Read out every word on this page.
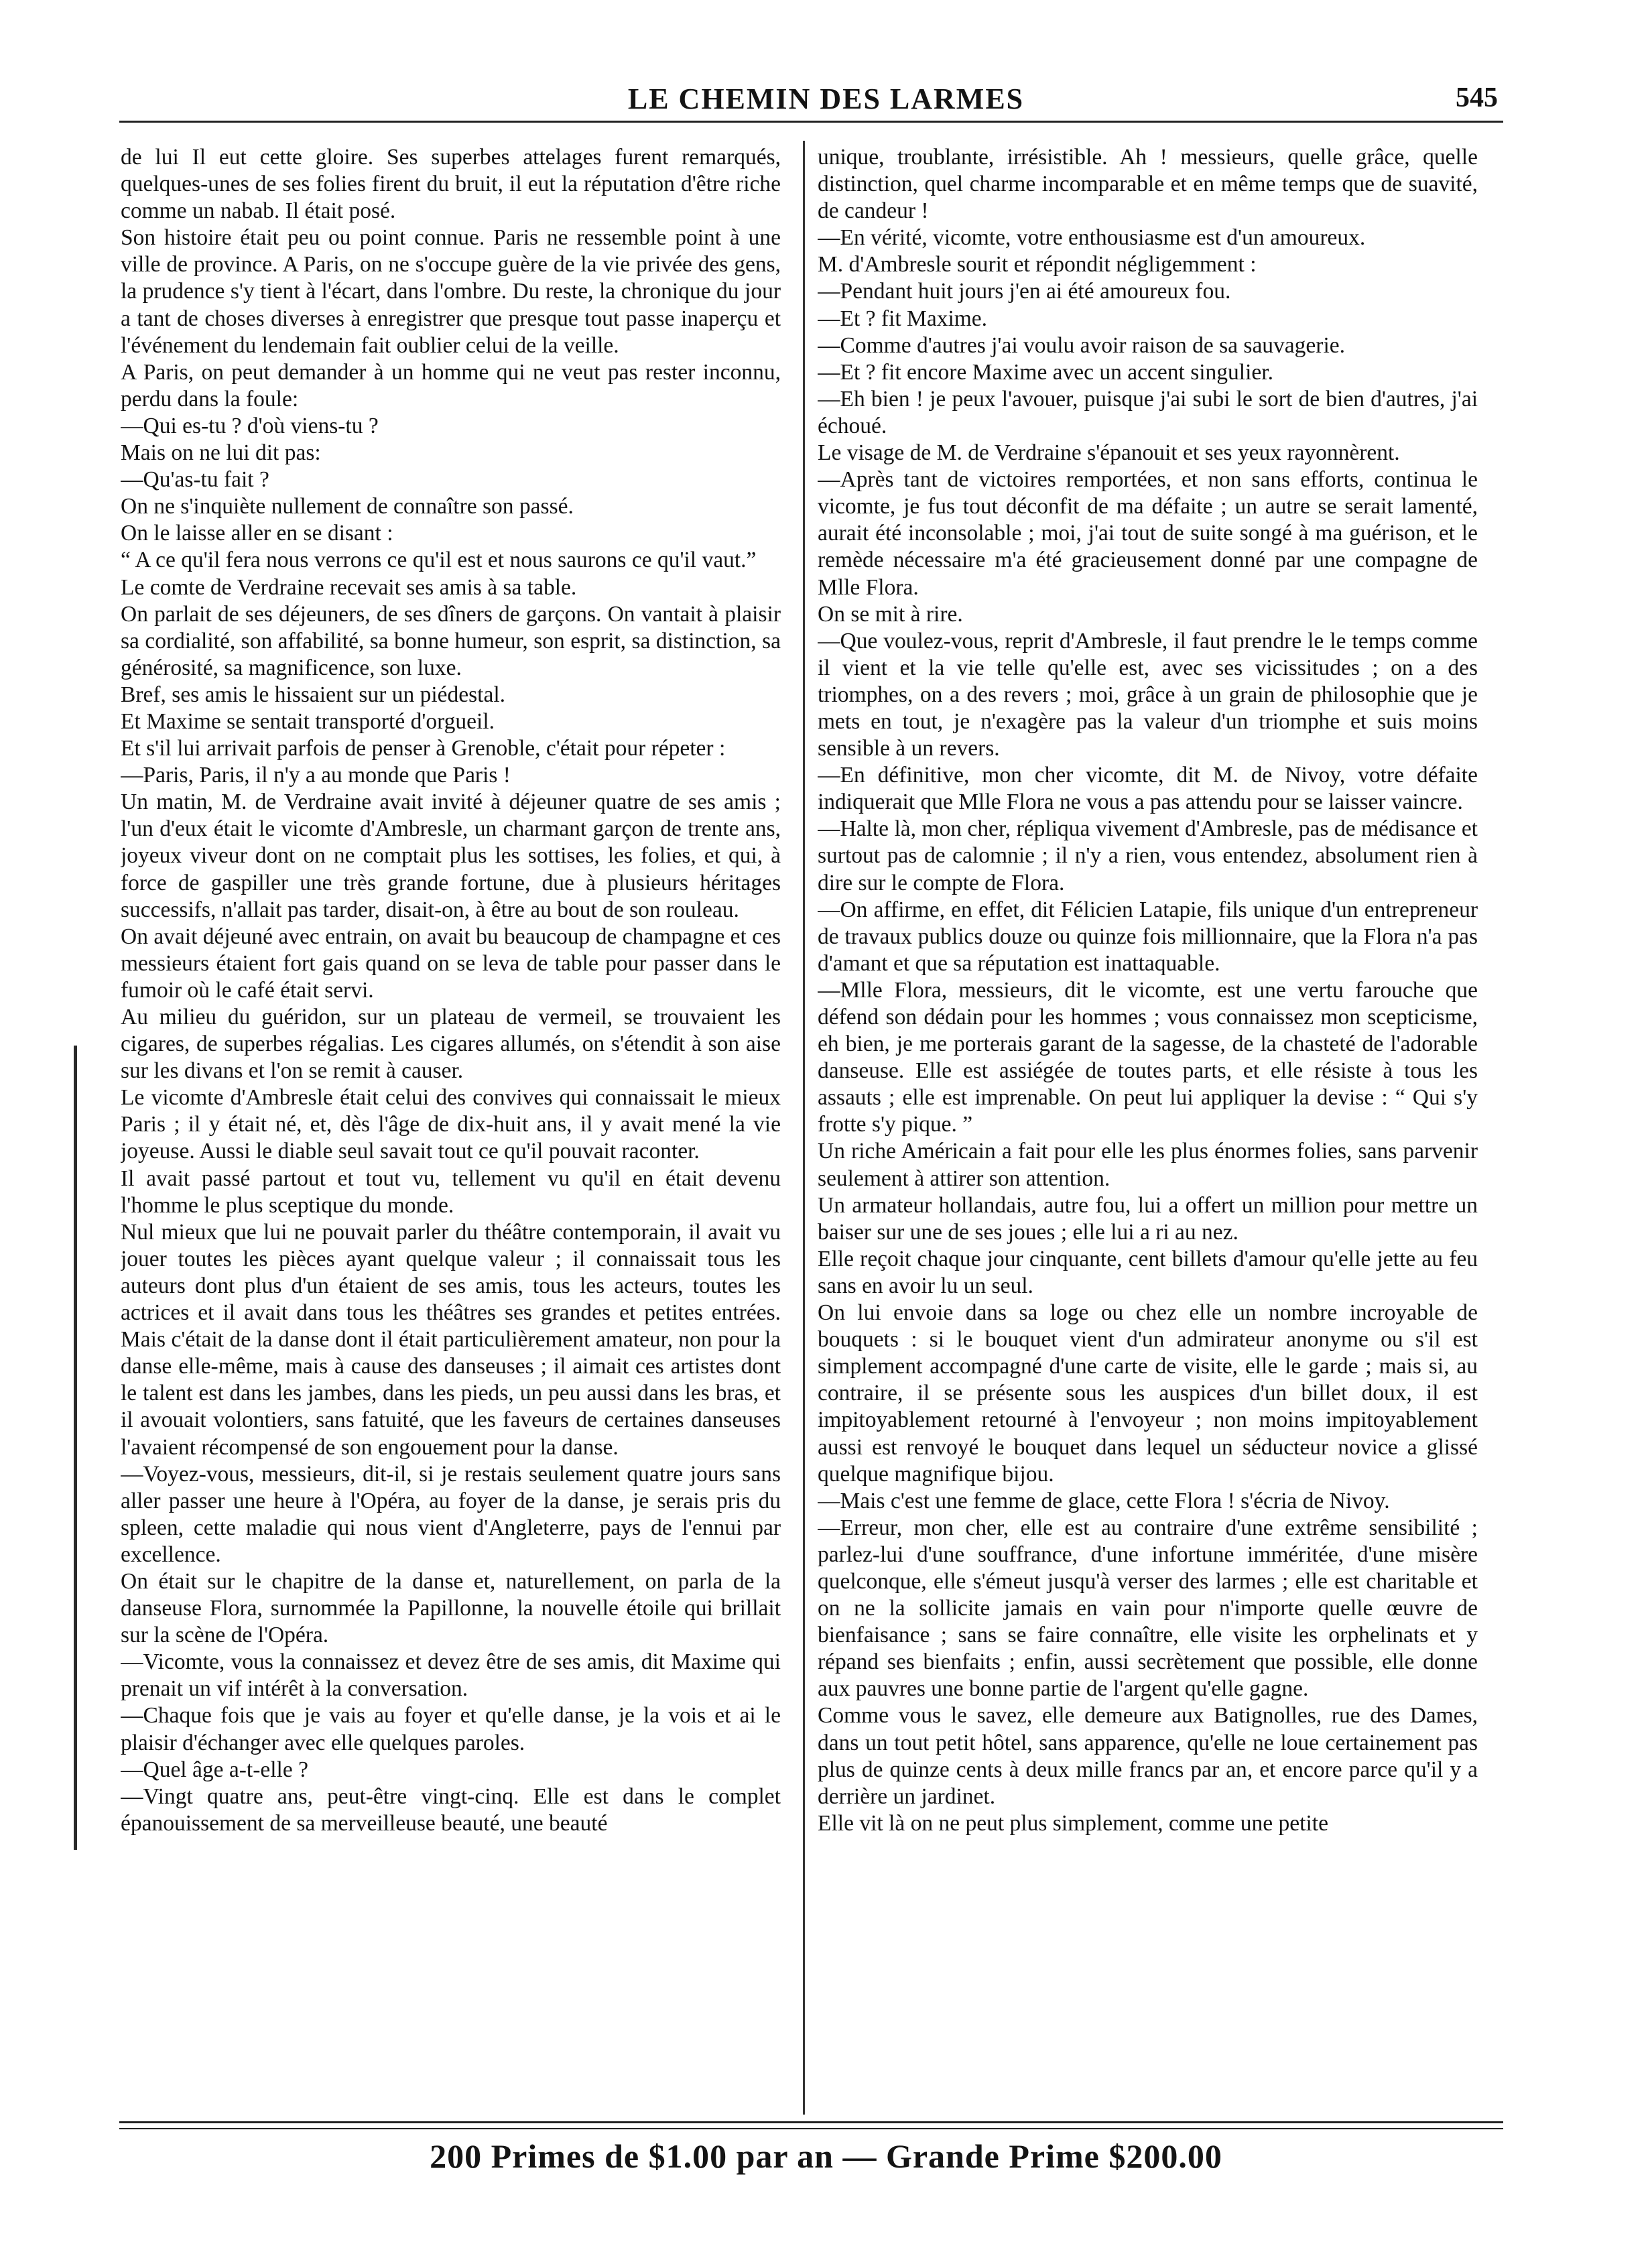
LE CHEMIN DES LARMES	545

de lui Il eut cette gloire. Ses superbes attelages furent remarqués, quelques-unes de ses folies firent du bruit, il eut la réputation d'être riche comme un nabab. Il était posé.

Son histoire était peu ou point connue. Paris ne ressemble point à une ville de province. A Paris, on ne s'occupe guère de la vie privée des gens, la prudence s'y tient à l'écart, dans l'ombre. Du reste, la chronique du jour a tant de choses diverses à enregistrer que presque tout passe inaperçu et l'événement du lendemain fait oublier celui de la veille.

A Paris, on peut demander à un homme qui ne veut pas rester inconnu, perdu dans la foule:

—Qui es-tu ? d'où viens-tu ?

Mais on ne lui dit pas:

—Qu'as-tu fait ?

On ne s'inquiète nullement de connaître son passé.

On le laisse aller en se disant :

“ A ce qu'il fera nous verrons ce qu'il est et nous saurons ce qu'il vaut.”

Le comte de Verdraine recevait ses amis à sa table.

On parlait de ses déjeuners, de ses dîners de garçons. On vantait à plaisir sa cordialité, son affabilité, sa bonne humeur, son esprit, sa distinction, sa générosité, sa magnificence, son luxe.

Bref, ses amis le hissaient sur un piédestal.

Et Maxime se sentait transporté d'orgueil.

Et s'il lui arrivait parfois de penser à Grenoble, c'était pour répeter :

—Paris, Paris, il n'y a au monde que Paris !

Un matin, M. de Verdraine avait invité à déjeuner quatre de ses amis ; l'un d'eux était le vicomte d'Ambresle, un charmant garçon de trente ans, joyeux viveur dont on ne comptait plus les sottises, les folies, et qui, à force de gaspiller une très grande fortune, due à plusieurs héritages successifs, n'allait pas tarder, disait-on, à être au bout de son rouleau.

On avait déjeuné avec entrain, on avait bu beaucoup de champagne et ces messieurs étaient fort gais quand on se leva de table pour passer dans le fumoir où le café était servi.

Au milieu du guéridon, sur un plateau de vermeil, se trouvaient les cigares, de superbes régalias. Les cigares allumés, on s'étendit à son aise sur les divans et l'on se remit à causer.

Le vicomte d'Ambresle était celui des convives qui connaissait le mieux Paris ; il y était né, et, dès l'âge de dix-huit ans, il y avait mené la vie joyeuse. Aussi le diable seul savait tout ce qu'il pouvait raconter.

Il avait passé partout et tout vu, tellement vu qu'il en était devenu l'homme le plus sceptique du monde.

Nul mieux que lui ne pouvait parler du théâtre contemporain, il avait vu jouer toutes les pièces ayant quelque valeur ; il connaissait tous les auteurs dont plus d'un étaient de ses amis, tous les acteurs, toutes les actrices et il avait dans tous les théâtres ses grandes et petites entrées. Mais c'était de la danse dont il était particulièrement amateur, non pour la danse elle-même, mais à cause des danseuses ; il aimait ces artistes dont le talent est dans les jambes, dans les pieds, un peu aussi dans les bras, et il avouait volontiers, sans fatuité, que les faveurs de certaines danseuses l'avaient récompensé de son engouement pour la danse.

—Voyez-vous, messieurs, dit-il, si je restais seulement quatre jours sans aller passer une heure à l'Opéra, au foyer de la danse, je serais pris du spleen, cette maladie qui nous vient d'Angleterre, pays de l'ennui par excellence.

On était sur le chapitre de la danse et, naturellement, on parla de la danseuse Flora, surnommée la Papillonne, la nouvelle étoile qui brillait sur la scène de l'Opéra.

—Vicomte, vous la connaissez et devez être de ses amis, dit Maxime qui prenait un vif intérêt à la conversation.

—Chaque fois que je vais au foyer et qu'elle danse, je la vois et ai le plaisir d'échanger avec elle quelques paroles.

—Quel âge a-t-elle ?

—Vingt quatre ans, peut-être vingt-cinq. Elle est dans le complet épanouissement de sa merveilleuse beauté, une beauté

unique, troublante, irrésistible. Ah ! messieurs, quelle grâce, quelle distinction, quel charme incomparable et en même temps que de suavité, de candeur !

—En vérité, vicomte, votre enthousiasme est d'un amoureux.

M. d'Ambresle sourit et répondit négligemment :

—Pendant huit jours j'en ai été amoureux fou.

—Et ? fit Maxime.

—Comme d'autres j'ai voulu avoir raison de sa sauvagerie.

—Et ? fit encore Maxime avec un accent singulier.

—Eh bien ! je peux l'avouer, puisque j'ai subi le sort de bien d'autres, j'ai échoué.

Le visage de M. de Verdraine s'épanouit et ses yeux rayonnèrent.

—Après tant de victoires remportées, et non sans efforts, continua le vicomte, je fus tout déconfit de ma défaite ; un autre se serait lamenté, aurait été inconsolable ; moi, j'ai tout de suite songé à ma guérison, et le remède nécessaire m'a été gracieusement donné par une compagne de Mlle Flora.

On se mit à rire.

—Que voulez-vous, reprit d'Ambresle, il faut prendre le le temps comme il vient et la vie telle qu'elle est, avec ses vicissitudes ; on a des triomphes, on a des revers ; moi, grâce à un grain de philosophie que je mets en tout, je n'exagère pas la valeur d'un triomphe et suis moins sensible à un revers.

—En définitive, mon cher vicomte, dit M. de Nivoy, votre défaite indiquerait que Mlle Flora ne vous a pas attendu pour se laisser vaincre.

—Halte là, mon cher, répliqua vivement d'Ambresle, pas de médisance et surtout pas de calomnie ; il n'y a rien, vous entendez, absolument rien à dire sur le compte de Flora.

—On affirme, en effet, dit Félicien Latapie, fils unique d'un entrepreneur de travaux publics douze ou quinze fois millionnaire, que la Flora n'a pas d'amant et que sa réputation est inattaquable.

—Mlle Flora, messieurs, dit le vicomte, est une vertu farouche que défend son dédain pour les hommes ; vous connaissez mon scepticisme, eh bien, je me porterais garant de la sagesse, de la chasteté de l'adorable danseuse. Elle est assiégée de toutes parts, et elle résiste à tous les assauts ; elle est imprenable. On peut lui appliquer la devise : “ Qui s'y frotte s'y pique. ”

Un riche Américain a fait pour elle les plus énormes folies, sans parvenir seulement à attirer son attention.

Un armateur hollandais, autre fou, lui a offert un million pour mettre un baiser sur une de ses joues ; elle lui a ri au nez.

Elle reçoit chaque jour cinquante, cent billets d'amour qu'elle jette au feu sans en avoir lu un seul.

On lui envoie dans sa loge ou chez elle un nombre incroyable de bouquets : si le bouquet vient d'un admirateur anonyme ou s'il est simplement accompagné d'une carte de visite, elle le garde ; mais si, au contraire, il se présente sous les auspices d'un billet doux, il est impitoyablement retourné à l'envoyeur ; non moins impitoyablement aussi est renvoyé le bouquet dans lequel un séducteur novice a glissé quelque magnifique bijou.

—Mais c'est une femme de glace, cette Flora ! s'écria de Nivoy.

—Erreur, mon cher, elle est au contraire d'une extrême sensibilité ; parlez-lui d'une souffrance, d'une infortune imméritée, d'une misère quelconque, elle s'émeut jusqu'à verser des larmes ; elle est charitable et on ne la sollicite jamais en vain pour n'importe quelle œuvre de bienfaisance ; sans se faire connaître, elle visite les orphelinats et y répand ses bienfaits ; enfin, aussi secrètement que possible, elle donne aux pauvres une bonne partie de l'argent qu'elle gagne.

Comme vous le savez, elle demeure aux Batignolles, rue des Dames, dans un tout petit hôtel, sans apparence, qu'elle ne loue certainement pas plus de quinze cents à deux mille francs par an, et encore parce qu'il y a derrière un jardinet.

Elle vit là on ne peut plus simplement, comme une petite

200 Primes de $1.00 par an — Grande Prime $200.00
